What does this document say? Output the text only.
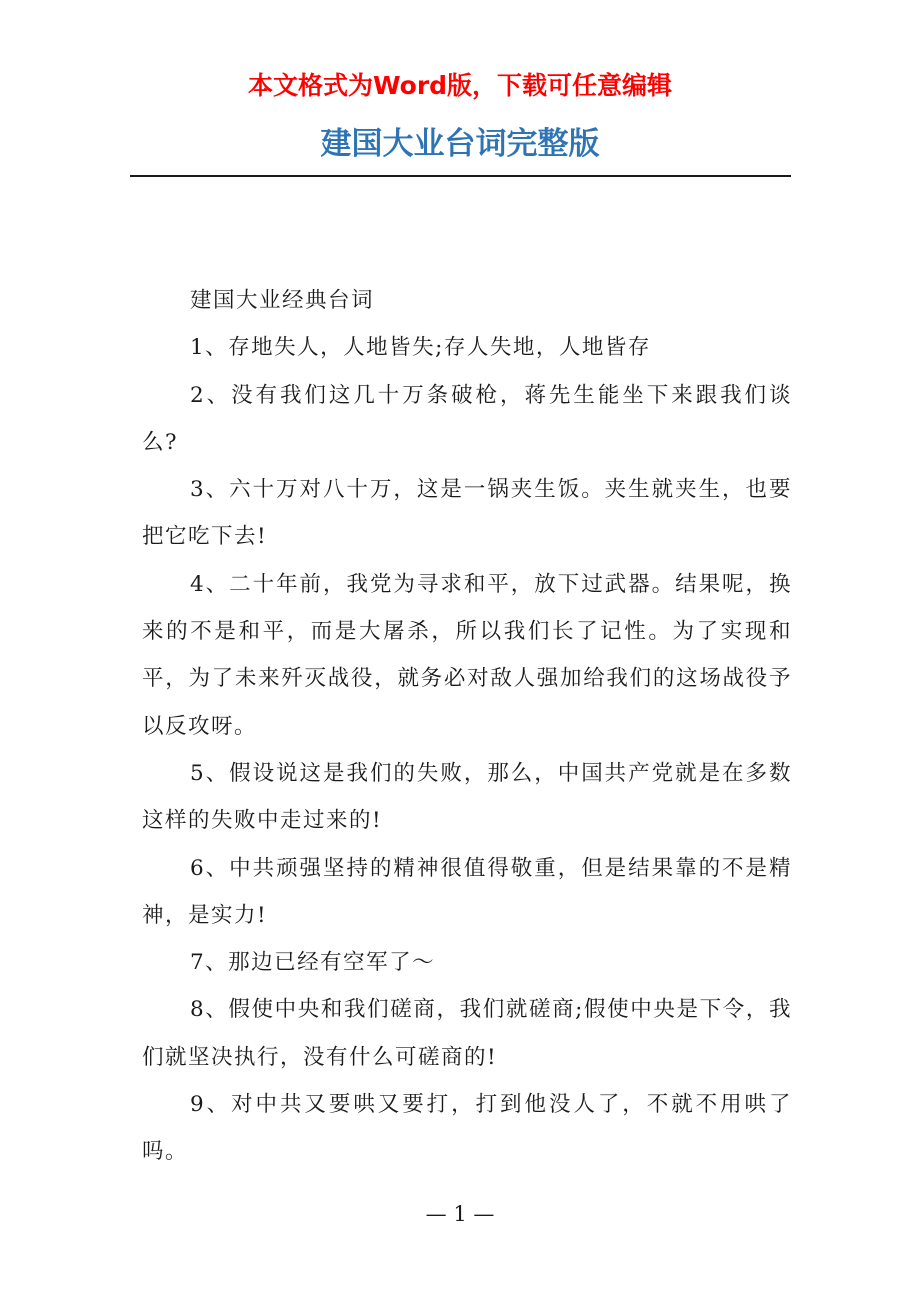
本文格式为Word版，下载可任意编辑
建国大业台词完整版

建国大业经典台词

1、存地失人，人地皆失;存人失地，人地皆存

2、没有我们这几十万条破枪，蒋先生能坐下来跟我们谈么?

3、六十万对八十万，这是一锅夹生饭。夹生就夹生，也要把它吃下去!

4、二十年前，我党为寻求和平，放下过武器。结果呢，换来的不是和平，而是大屠杀，所以我们长了记性。为了实现和平，为了未来歼灭战役，就务必对敌人强加给我们的这场战役予以反攻呀。

5、假设说这是我们的失败，那么，中国共产党就是在多数这样的失败中走过来的!

6、中共顽强坚持的精神很值得敬重，但是结果靠的不是精神，是实力!

7、那边已经有空军了～

8、假使中央和我们磋商，我们就磋商;假使中央是下令，我们就坚决执行，没有什么可磋商的!

9、对中共又要哄又要打，打到他没人了，不就不用哄了吗。

— 1 —
